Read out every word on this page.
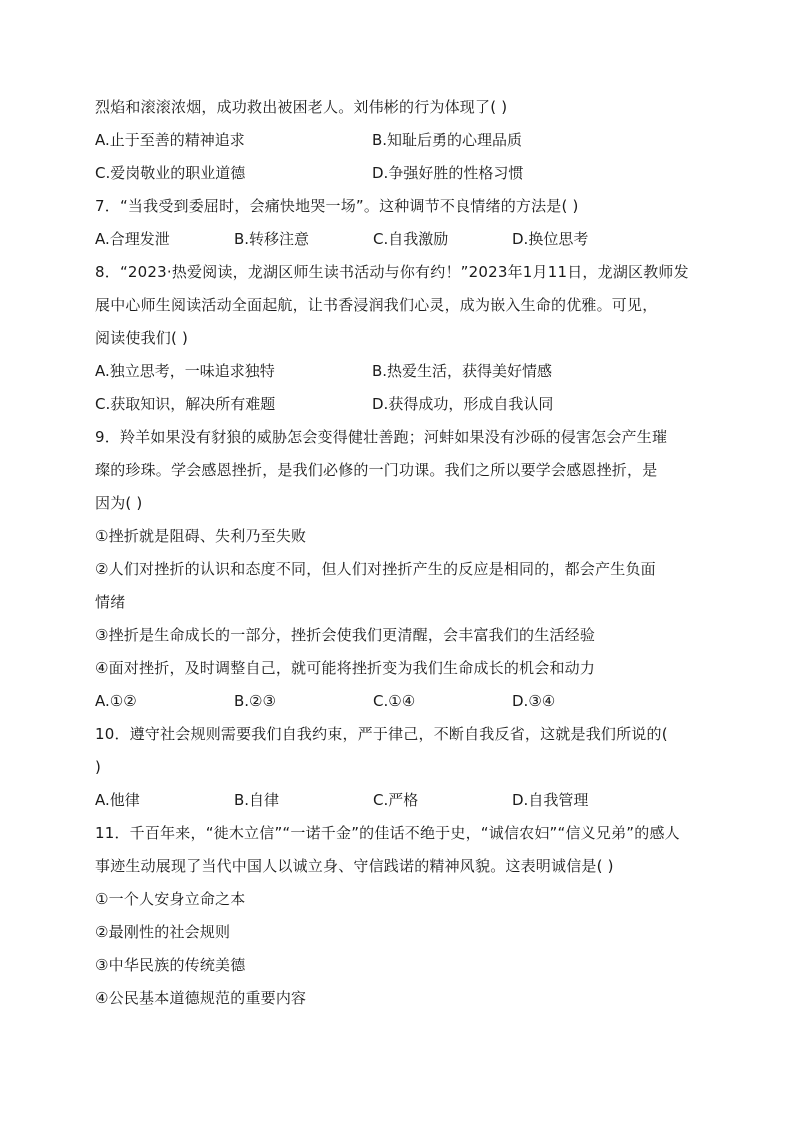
烈焰和滚滚浓烟，成功救出被困老人。刘伟彬的行为体现了( )
A.止于至善的精神追求	B.知耻后勇的心理品质
C.爱岗敬业的职业道德	D.争强好胜的性格习惯
7．“当我受到委屈时，会痛快地哭一场”。这种调节不良情绪的方法是( )
A.合理发泄	B.转移注意	C.自我激励	D.换位思考
8．“2023·热爱阅读，龙湖区师生读书活动与你有约！”2023年1月11日，龙湖区教师发
展中心师生阅读活动全面起航，让书香浸润我们心灵，成为嵌入生命的优雅。可见，
阅读使我们( )
A.独立思考，一味追求独特	B.热爱生活，获得美好情感
C.获取知识，解决所有难题	D.获得成功，形成自我认同
9．羚羊如果没有豺狼的威胁怎会变得健壮善跑；河蚌如果没有沙砾的侵害怎会产生璀
璨的珍珠。学会感恩挫折，是我们必修的一门功课。我们之所以要学会感恩挫折，是
因为( )
①挫折就是阻碍、失利乃至失败
②人们对挫折的认识和态度不同，但人们对挫折产生的反应是相同的，都会产生负面
情绪
③挫折是生命成长的一部分，挫折会使我们更清醒，会丰富我们的生活经验
④面对挫折，及时调整自己，就可能将挫折变为我们生命成长的机会和动力
A.①②	B.②③	C.①④	D.③④
10．遵守社会规则需要我们自我约束，严于律己，不断自我反省，这就是我们所说的(
)
A.他律	B.自律	C.严格	D.自我管理
11．千百年来，“徙木立信”“一诺千金”的佳话不绝于史，“诚信农妇”“信义兄弟”的感人
事迹生动展现了当代中国人以诚立身、守信践诺的精神风貌。这表明诚信是( )
①一个人安身立命之本
②最刚性的社会规则
③中华民族的传统美德
④公民基本道德规范的重要内容
